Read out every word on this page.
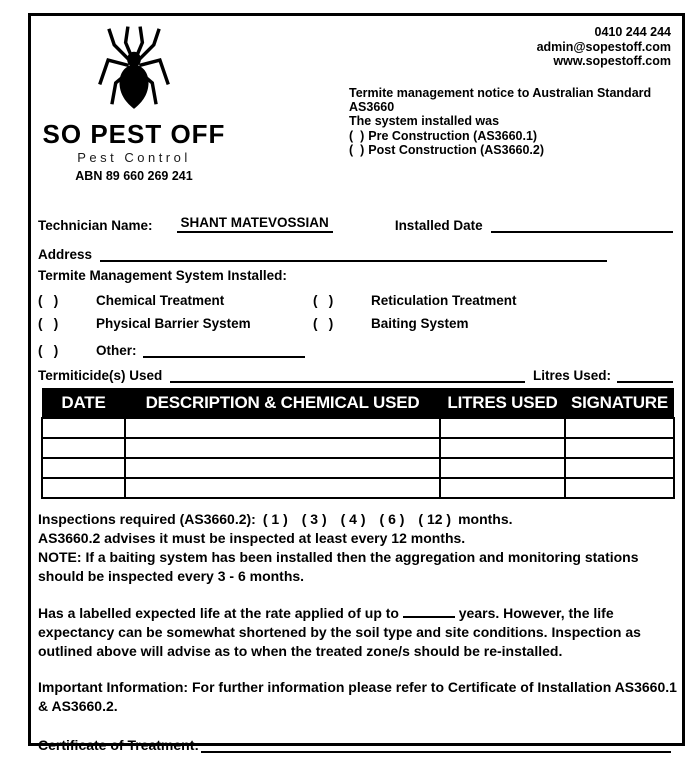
SO PEST OFF
Pest Control
ABN 89 660 269 241
0410 244 244
admin@sopestoff.com
www.sopestoff.com
Termite management notice to Australian Standard AS3660
The system installed was
(  ) Pre Construction (AS3660.1)
(  ) Post Construction (AS3660.2)
Technician Name: SHANT MATEVOSSIAN	Installed Date
Address
Termite Management System Installed:
(   )	Chemical Treatment	(   )	Reticulation Treatment
(   )	Physical Barrier System	(   )	Baiting System
(   )	Other:
Termiticide(s) Used	Litres Used:
DATE	DESCRIPTION & CHEMICAL USED	LITRES USED	SIGNATURE

Inspections required (AS3660.2): ( 1 ) ( 3 ) ( 4 ) ( 6 ) ( 12 ) months.
AS3660.2 advises it must be inspected at least every 12 months.
NOTE: If a baiting system has been installed then the aggregation and monitoring stations should be inspected every 3 - 6 months.
Has a labelled expected life at the rate applied of up to	years. However, the life expectancy can be somewhat shortened by the soil type and site conditions. Inspection as outlined above will advise as to when the treated zone/s should be re-installed.
Important Information: For further information please refer to Certificate of Installation AS3660.1 & AS3660.2.
Certificate of Treatment:
